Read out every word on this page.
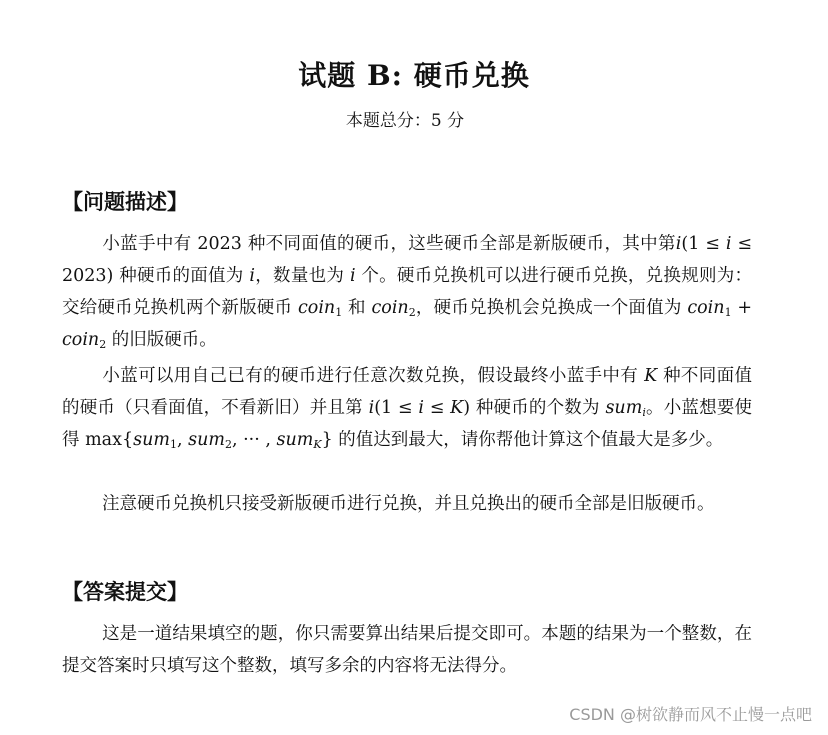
试题 B: 硬币兑换
本题总分：5 分
【问题描述】
小蓝手中有 2023 种不同面值的硬币，这些硬币全部是新版硬币，其中第i(1 ≤ i ≤ 2023) 种硬币的面值为 i，数量也为 i 个。硬币兑换机可以进行硬币兑换，兑换规则为：交给硬币兑换机两个新版硬币 coin$_1$ 和 coin$_2$，硬币兑换机会兑换成一个面值为 coin$_1$ + coin$_2$ 的旧版硬币。
小蓝可以用自己已有的硬币进行任意次数兑换，假设最终小蓝手中有 K 种不同面值的硬币（只看面值，不看新旧）并且第 i(1 ≤ i ≤ K) 种硬币的个数为 sum$_i$。小蓝想要使得 max{sum$_1$, sum$_2$, ··· , sum$_K$} 的值达到最大，请你帮他计算这个值最大是多少。
注意硬币兑换机只接受新版硬币进行兑换，并且兑换出的硬币全部是旧版硬币。
【答案提交】
这是一道结果填空的题，你只需要算出结果后提交即可。本题的结果为一个整数，在提交答案时只填写这个整数，填写多余的内容将无法得分。
CSDN @树欲静而风不止慢一点吧
